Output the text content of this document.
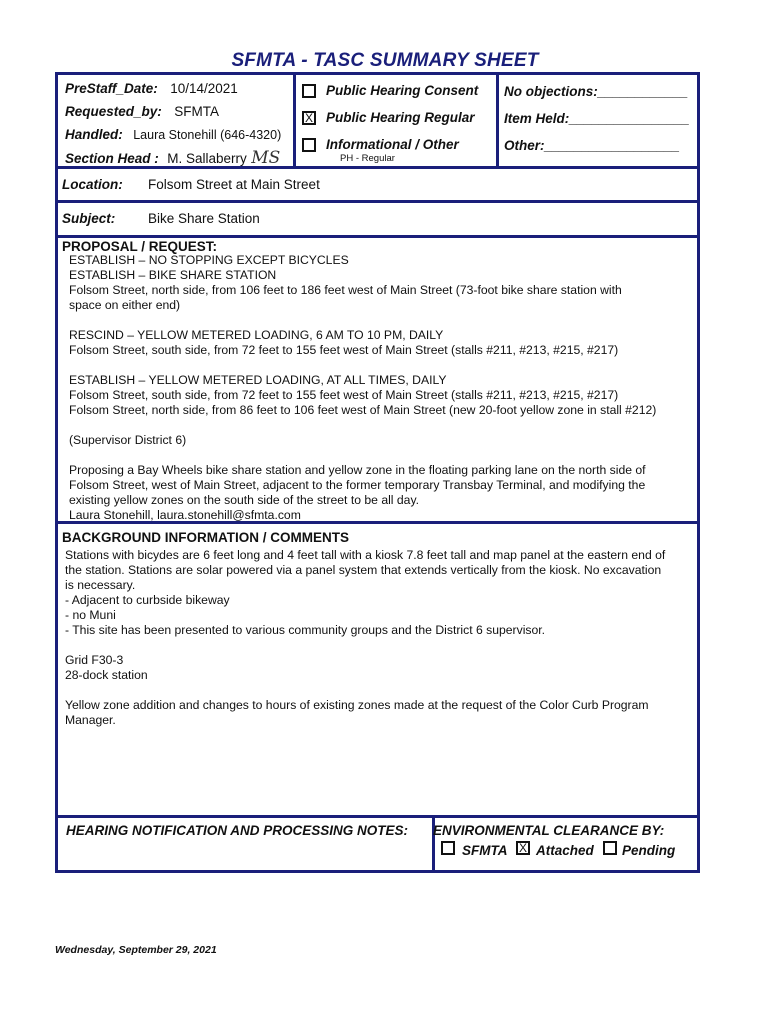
SFMTA - TASC SUMMARY SHEET
PreStaff_Date: 10/14/2021
Requested_by: SFMTA
Handled: Laura Stonehill (646-4320)
Section Head : M. Sallaberry MS
Public Hearing Consent
X Public Hearing Regular
Informational / Other
PH - Regular
No objections:____________
Item Held:________________
Other:__________________
Location: Folsom Street at Main Street
Subject: Bike Share Station
PROPOSAL / REQUEST:
ESTABLISH – NO STOPPING EXCEPT BICYCLES
ESTABLISH – BIKE SHARE STATION
Folsom Street, north side, from 106 feet to 186 feet west of Main Street (73-foot bike share station with
space on either end)
RESCIND – YELLOW METERED LOADING, 6 AM TO 10 PM, DAILY
Folsom Street, south side, from 72 feet to 155 feet west of Main Street (stalls #211, #213, #215, #217)
ESTABLISH – YELLOW METERED LOADING, AT ALL TIMES, DAILY
Folsom Street, south side, from 72 feet to 155 feet west of Main Street (stalls #211, #213, #215, #217)
Folsom Street, north side, from 86 feet to 106 feet west of Main Street (new 20-foot yellow zone in stall #212)
(Supervisor District 6)
Proposing a Bay Wheels bike share station and yellow zone in the floating parking lane on the north side of
Folsom Street, west of Main Street, adjacent to the former temporary Transbay Terminal, and modifying the
existing yellow zones on the south side of the street to be all day.
Laura Stonehill, laura.stonehill@sfmta.com
BACKGROUND INFORMATION / COMMENTS
Stations with bicydes are 6 feet long and 4 feet tall with a kiosk 7.8 feet tall and map panel at the eastern end of
the station. Stations are solar powered via a panel system that extends vertically from the kiosk. No excavation
is necessary.
- Adjacent to curbside bikeway
- no Muni
- This site has been presented to various community groups and the District 6 supervisor.
Grid F30-3
28-dock station
Yellow zone addition and changes to hours of existing zones made at the request of the Color Curb Program
Manager.
HEARING NOTIFICATION AND PROCESSING NOTES: ENVIRONMENTAL CLEARANCE BY:
SFMTA X Attached Pending
Wednesday, September 29, 2021
